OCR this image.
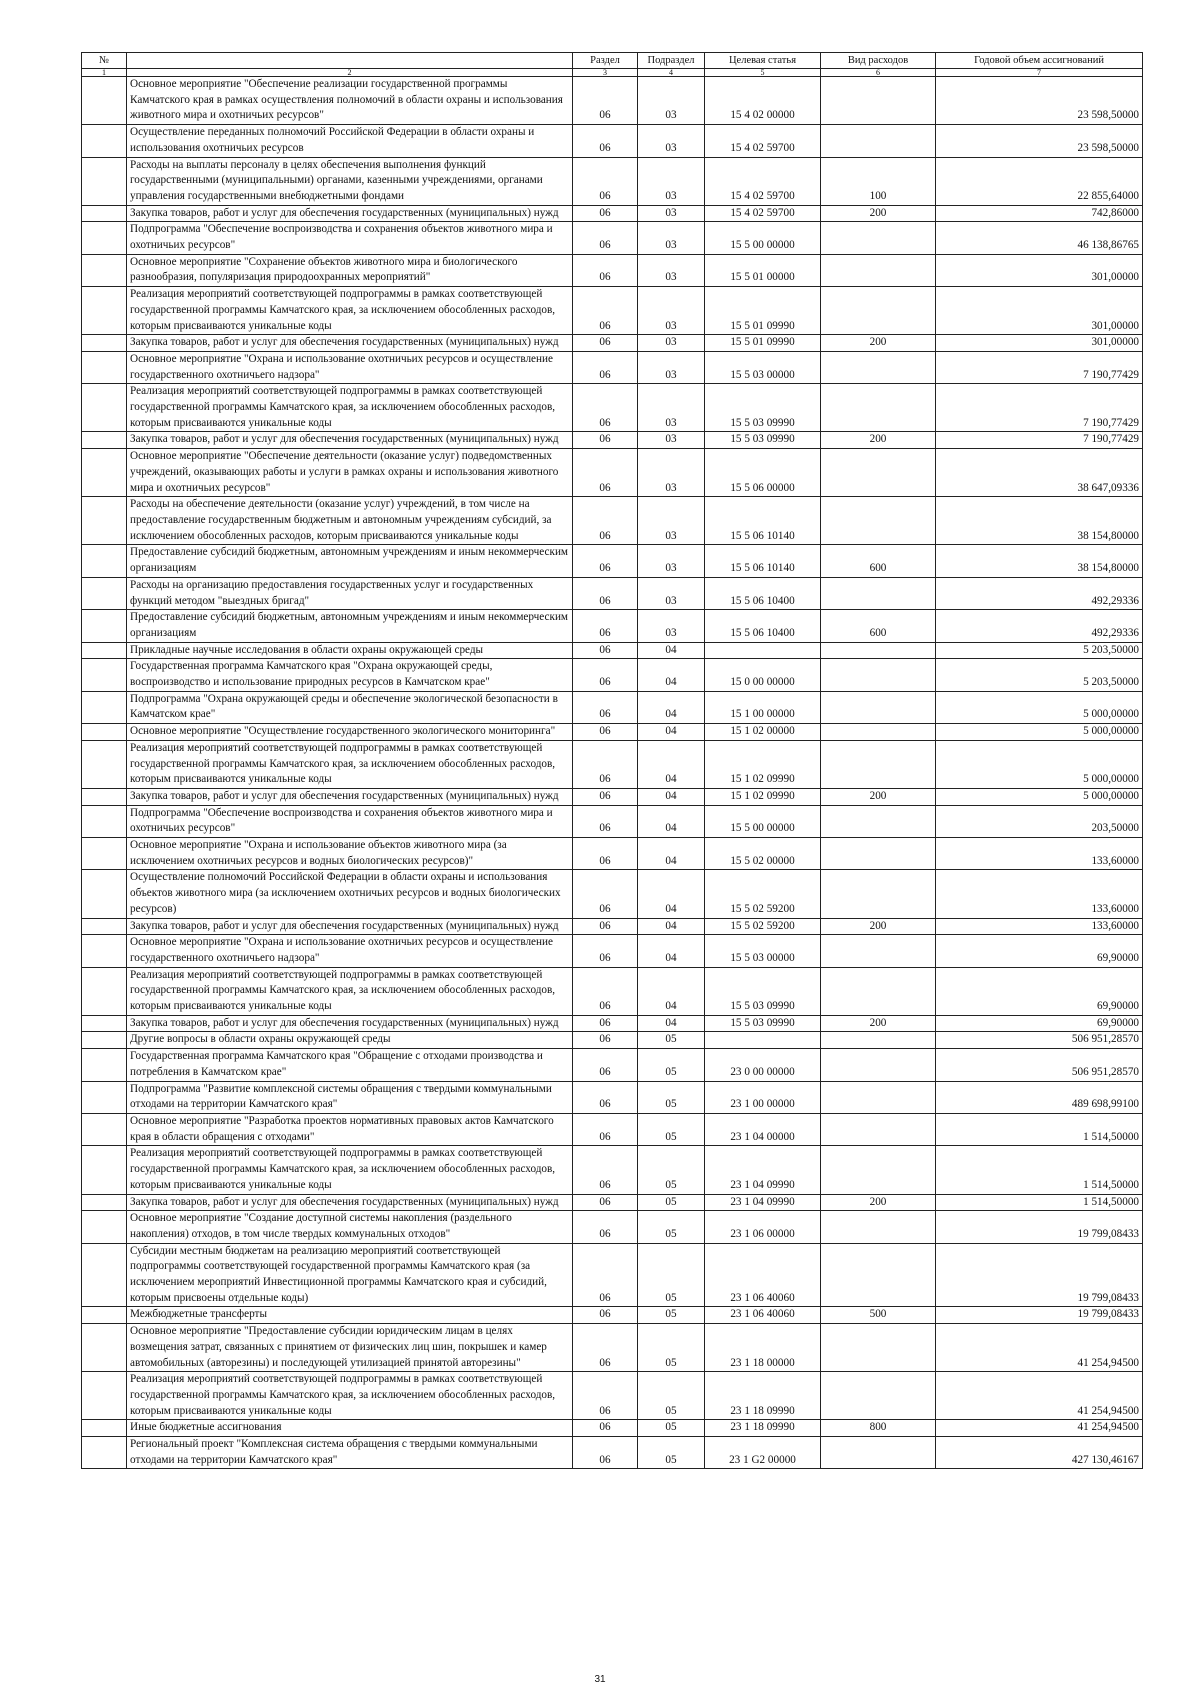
№		Раздел	Подраздел	Целевая статья	Вид расходов	Годовой объем ассигнований
1	2	3	4	5	6	7
	Основное мероприятие "Обеспечение реализации государственной программы Камчатского края в рамках осуществления полномочий в области охраны и использования животного мира и охотничьих ресурсов"	06	03	15 4 02 00000		23 598,50000
	Осуществление переданных полномочий Российской Федерации в области охраны и использования охотничьих ресурсов	06	03	15 4 02 59700		23 598,50000
	Расходы на выплаты персоналу в целях обеспечения выполнения функций государственными (муниципальными) органами, казенными учреждениями, органами управления государственными внебюджетными фондами	06	03	15 4 02 59700	100	22 855,64000
	Закупка товаров, работ и услуг для обеспечения государственных (муниципальных) нужд	06	03	15 4 02 59700	200	742,86000
	Подпрограмма "Обеспечение воспроизводства и сохранения объектов животного мира и охотничьих ресурсов"	06	03	15 5 00 00000		46 138,86765
	Основное мероприятие "Сохранение объектов животного мира и биологического разнообразия, популяризация природоохранных мероприятий"	06	03	15 5 01 00000		301,00000
	Реализация мероприятий соответствующей подпрограммы в рамках соответствующей государственной программы Камчатского края, за исключением обособленных расходов, которым присваиваются уникальные коды	06	03	15 5 01 09990		301,00000
	Закупка товаров, работ и услуг для обеспечения государственных (муниципальных) нужд	06	03	15 5 01 09990	200	301,00000
	Основное мероприятие "Охрана и использование охотничьих ресурсов и осуществление государственного охотничьего надзора"	06	03	15 5 03 00000		7 190,77429
	Реализация мероприятий соответствующей подпрограммы в рамках соответствующей государственной программы Камчатского края, за исключением обособленных расходов, которым присваиваются уникальные коды	06	03	15 5 03 09990		7 190,77429
	Закупка товаров, работ и услуг для обеспечения государственных (муниципальных) нужд	06	03	15 5 03 09990	200	7 190,77429
	Основное мероприятие "Обеспечение деятельности (оказание услуг) подведомственных учреждений, оказывающих работы и услуги в рамках охраны и использования животного мира и охотничьих ресурсов"	06	03	15 5 06 00000		38 647,09336
	Расходы на обеспечение деятельности (оказание услуг) учреждений, в том числе на предоставление государственным бюджетным и автономным учреждениям субсидий, за исключением обособленных расходов, которым присваиваются уникальные коды	06	03	15 5 06 10140		38 154,80000
	Предоставление субсидий бюджетным, автономным учреждениям и иным некоммерческим организациям	06	03	15 5 06 10140	600	38 154,80000
	Расходы на организацию предоставления государственных услуг и государственных функций методом "выездных бригад"	06	03	15 5 06 10400		492,29336
	Предоставление субсидий бюджетным, автономным учреждениям и иным некоммерческим организациям	06	03	15 5 06 10400	600	492,29336
	Прикладные научные исследования в области охраны окружающей среды	06	04			5 203,50000
	Государственная программа Камчатского края "Охрана окружающей среды, воспроизводство и использование природных ресурсов в Камчатском крае"	06	04	15 0 00 00000		5 203,50000
	Подпрограмма "Охрана окружающей среды и обеспечение экологической безопасности в Камчатском крае"	06	04	15 1 00 00000		5 000,00000
	Основное мероприятие "Осуществление государственного экологического мониторинга"	06	04	15 1 02 00000		5 000,00000
	Реализация мероприятий соответствующей подпрограммы в рамках соответствующей государственной программы Камчатского края, за исключением обособленных расходов, которым присваиваются уникальные коды	06	04	15 1 02 09990		5 000,00000
	Закупка товаров, работ и услуг для обеспечения государственных (муниципальных) нужд	06	04	15 1 02 09990	200	5 000,00000
	Подпрограмма "Обеспечение воспроизводства и сохранения объектов животного мира и охотничьих ресурсов"	06	04	15 5 00 00000		203,50000
	Основное мероприятие "Охрана и использование объектов животного мира (за исключением охотничьих ресурсов и водных биологических ресурсов)"	06	04	15 5 02 00000		133,60000
	Осуществление полномочий Российской Федерации в области охраны и использования объектов животного мира (за исключением охотничьих ресурсов и водных биологических ресурсов)	06	04	15 5 02 59200		133,60000
	Закупка товаров, работ и услуг для обеспечения государственных (муниципальных) нужд	06	04	15 5 02 59200	200	133,60000
	Основное мероприятие "Охрана и использование охотничьих ресурсов и осуществление государственного охотничьего надзора"	06	04	15 5 03 00000		69,90000
	Реализация мероприятий соответствующей подпрограммы в рамках соответствующей государственной программы Камчатского края, за исключением обособленных расходов, которым присваиваются уникальные коды	06	04	15 5 03 09990		69,90000
	Закупка товаров, работ и услуг для обеспечения государственных (муниципальных) нужд	06	04	15 5 03 09990	200	69,90000
	Другие вопросы в области охраны окружающей среды	06	05			506 951,28570
	Государственная программа Камчатского края "Обращение с отходами производства и потребления в Камчатском крае"	06	05	23 0 00 00000		506 951,28570
	Подпрограмма "Развитие комплексной системы обращения с твердыми коммунальными отходами на территории Камчатского края"	06	05	23 1 00 00000		489 698,99100
	Основное мероприятие "Разработка проектов нормативных правовых актов Камчатского края в области обращения с отходами"	06	05	23 1 04 00000		1 514,50000
	Реализация мероприятий соответствующей подпрограммы в рамках соответствующей государственной программы Камчатского края, за исключением обособленных расходов, которым присваиваются уникальные коды	06	05	23 1 04 09990		1 514,50000
	Закупка товаров, работ и услуг для обеспечения государственных (муниципальных) нужд	06	05	23 1 04 09990	200	1 514,50000
	Основное мероприятие "Создание доступной системы накопления (раздельного накопления) отходов, в том числе твердых коммунальных отходов"	06	05	23 1 06 00000		19 799,08433
	Субсидии местным бюджетам на реализацию мероприятий соответствующей подпрограммы соответствующей государственной программы Камчатского края (за исключением мероприятий Инвестиционной программы Камчатского края и субсидий, которым присвоены отдельные коды)	06	05	23 1 06 40060		19 799,08433
	Межбюджетные трансферты	06	05	23 1 06 40060	500	19 799,08433
	Основное мероприятие "Предоставление субсидии юридическим лицам в целях возмещения затрат, связанных с принятием от физических лиц шин, покрышек и камер автомобильных (авторезины) и последующей утилизацией принятой авторезины"	06	05	23 1 18 00000		41 254,94500
	Реализация мероприятий соответствующей подпрограммы в рамках соответствующей государственной программы Камчатского края, за исключением обособленных расходов, которым присваиваются уникальные коды	06	05	23 1 18 09990		41 254,94500
	Иные бюджетные ассигнования	06	05	23 1 18 09990	800	41 254,94500
	Региональный проект "Комплексная система обращения с твердыми коммунальными отходами на территории Камчатского края"	06	05	23 1 G2 00000		427 130,46167
31
